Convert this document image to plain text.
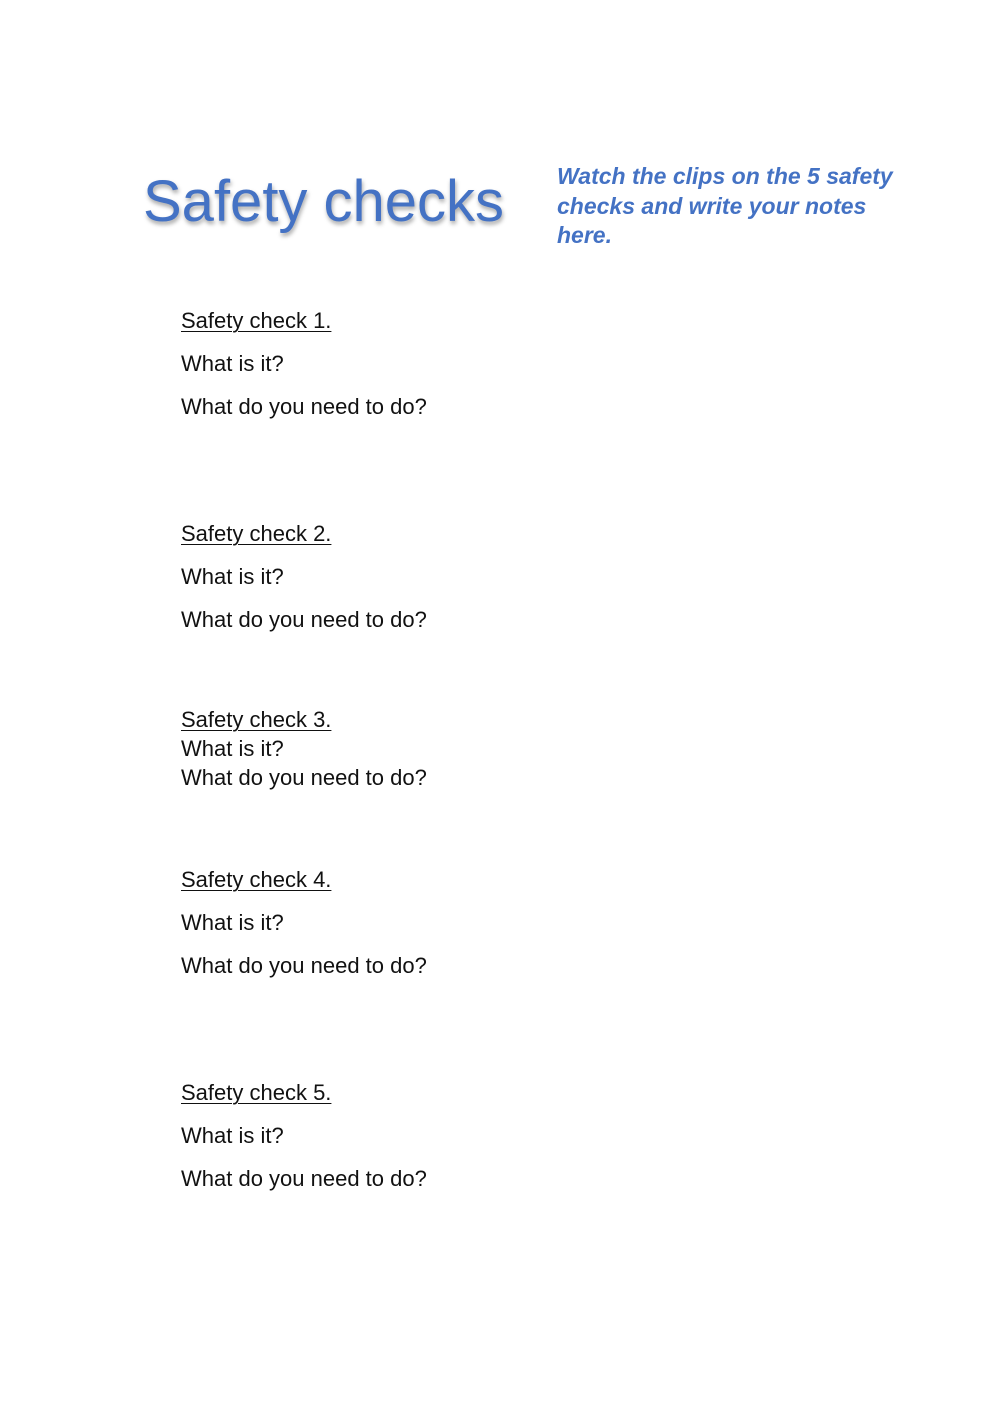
Safety checks Watch the clips on the 5 safety checks and write your notes here.

Safety check 1.
What is it?
What do you need to do?
Safety check 2.
What is it?
What do you need to do?
Safety check 3.
What is it?
What do you need to do?
Safety check 4.
What is it?
What do you need to do?
Safety check 5.
What is it?
What do you need to do?
